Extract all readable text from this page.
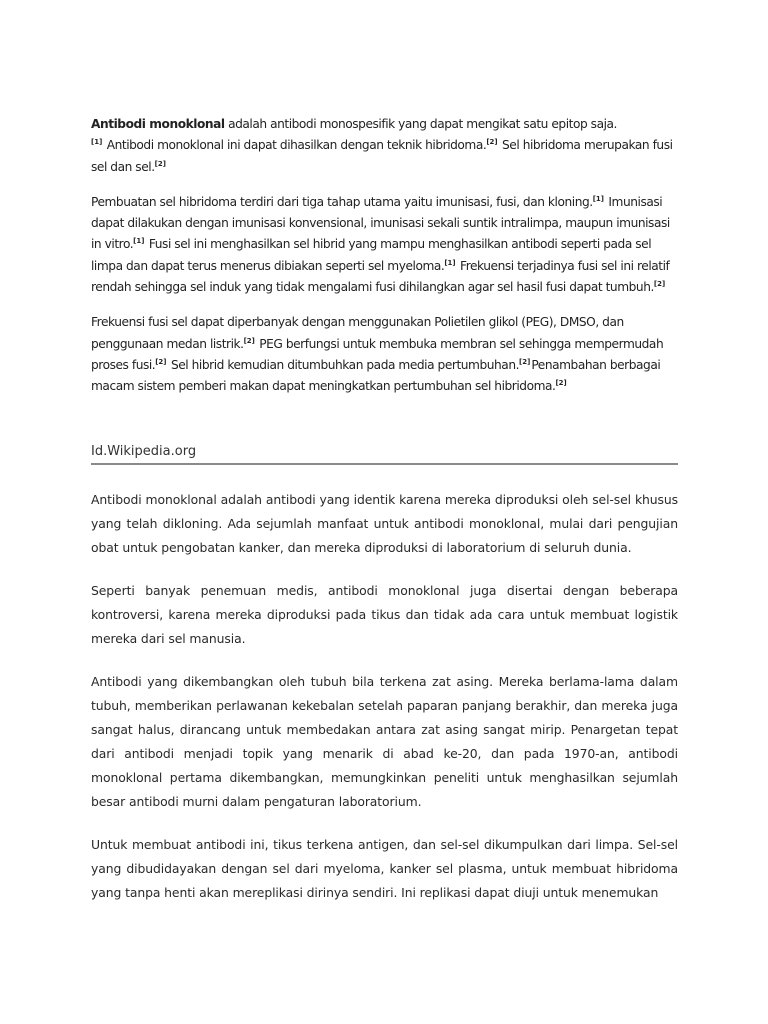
Antibodi monoklonal adalah antibodi monospesifik yang dapat mengikat satu epitop saja.
[1] Antibodi monoklonal ini dapat dihasilkan dengan teknik hibridoma.[2] Sel hibridoma merupakan fusi sel dan sel.[2]

Pembuatan sel hibridoma terdiri dari tiga tahap utama yaitu imunisasi, fusi, dan kloning.[1] Imunisasi dapat dilakukan dengan imunisasi konvensional, imunisasi sekali suntik intralimpa, maupun imunisasi in vitro.[1] Fusi sel ini menghasilkan sel hibrid yang mampu menghasilkan antibodi seperti pada sel limpa dan dapat terus menerus dibiakan seperti sel myeloma.[1] Frekuensi terjadinya fusi sel ini relatif rendah sehingga sel induk yang tidak mengalami fusi dihilangkan agar sel hasil fusi dapat tumbuh.[2]

Frekuensi fusi sel dapat diperbanyak dengan menggunakan Polietilen glikol (PEG), DMSO, dan penggunaan medan listrik.[2] PEG berfungsi untuk membuka membran sel sehingga mempermudah proses fusi.[2] Sel hibrid kemudian ditumbuhkan pada media pertumbuhan.[2]Penambahan berbagai macam sistem pemberi makan dapat meningkatkan pertumbuhan sel hibridoma.[2]

Id.Wikipedia.org

Antibodi monoklonal adalah antibodi yang identik karena mereka diproduksi oleh sel-sel khusus yang telah dikloning. Ada sejumlah manfaat untuk antibodi monoklonal, mulai dari pengujian obat untuk pengobatan kanker, dan mereka diproduksi di laboratorium di seluruh dunia.

Seperti banyak penemuan medis, antibodi monoklonal juga disertai dengan beberapa kontroversi, karena mereka diproduksi pada tikus dan tidak ada cara untuk membuat logistik mereka dari sel manusia.

Antibodi yang dikembangkan oleh tubuh bila terkena zat asing. Mereka berlama-lama dalam tubuh, memberikan perlawanan kekebalan setelah paparan panjang berakhir, dan mereka juga sangat halus, dirancang untuk membedakan antara zat asing sangat mirip. Penargetan tepat dari antibodi menjadi topik yang menarik di abad ke-20, dan pada 1970-an, antibodi monoklonal pertama dikembangkan, memungkinkan peneliti untuk menghasilkan sejumlah besar antibodi murni dalam pengaturan laboratorium.

Untuk membuat antibodi ini, tikus terkena antigen, dan sel-sel dikumpulkan dari limpa. Sel-sel yang dibudidayakan dengan sel dari myeloma, kanker sel plasma, untuk membuat hibridoma yang tanpa henti akan mereplikasi dirinya sendiri. Ini replikasi dapat diuji untuk menemukan
